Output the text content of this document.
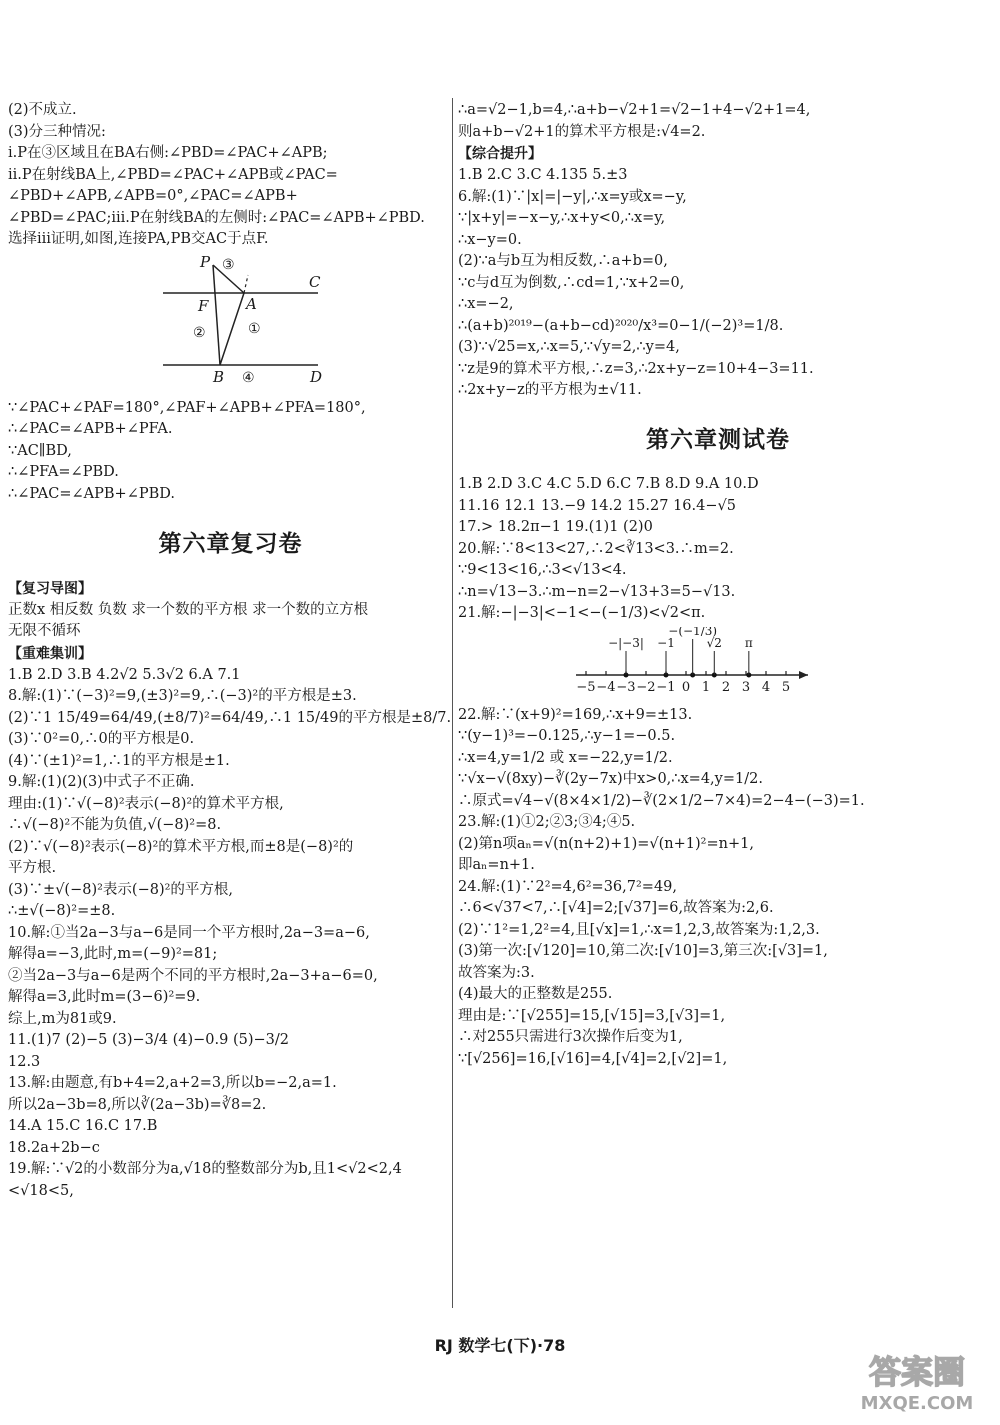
(2)不成立.
(3)分三种情况:
ⅰ.P在③区域且在BA右侧:∠PBD=∠PAC+∠APB;
ⅱ.P在射线BA上,∠PBD=∠PAC+∠APB或∠PAC=
∠PBD+∠APB,∠APB=0°,∠PAC=∠APB+
∠PBD=∠PAC;ⅲ.P在射线BA的左侧时:∠PAC=∠APB+∠PBD.
选择ⅲ证明,如图,连接PA,PB交AC于点F.
P ③
C
F	A
②	①
B ④	D
∵∠PAC+∠PAF=180°,∠PAF+∠APB+∠PFA=180°,
∴∠PAC=∠APB+∠PFA.
∵AC∥BD,
∴∠PFA=∠PBD.
∴∠PAC=∠APB+∠PBD.
第六章复习卷
【复习导图】
正数x 相反数 负数 求一个数的平方根 求一个数的立方根
无限不循环
【重难集训】
1.B 2.D 3.B 4.2√2 5.3√2 6.A 7.1
8.解:(1)∵(−3)²=9,(±3)²=9,∴(−3)²的平方根是±3.
(2)∵1 15/49=64/49,(±8/7)²=64/49,∴1 15/49的平方根是±8/7.
(3)∵0²=0,∴0的平方根是0.
(4)∵(±1)²=1,∴1的平方根是±1.
9.解:(1)(2)(3)中式子不正确.
理由:(1)∵√(−8)²表示(−8)²的算术平方根,
∴√(−8)²不能为负值,√(−8)²=8.
(2)∵√(−8)²表示(−8)²的算术平方根,而±8是(−8)²的
平方根.
(3)∵±√(−8)²表示(−8)²的平方根,
∴±√(−8)²=±8.
10.解:①当2a−3与a−6是同一个平方根时,2a−3=a−6,
解得a=−3,此时,m=(−9)²=81;
②当2a−3与a−6是两个不同的平方根时,2a−3+a−6=0,
解得a=3,此时m=(3−6)²=9.
综上,m为81或9.
11.(1)7 (2)−5 (3)−3/4 (4)−0.9 (5)−3/2
12.3
13.解:由题意,有b+4=2,a+2=3,所以b=−2,a=1.
所以2a−3b=8,所以∛(2a−3b)=∛8=2.
14.A 15.C 16.C 17.B
18.2a+2b−c
19.解:∵√2的小数部分为a,√18的整数部分为b,且1<√2<2,4
<√18<5,
∴a=√2−1,b=4,∴a+b−√2+1=√2−1+4−√2+1=4,
则a+b−√2+1的算术平方根是:√4=2.
【综合提升】
1.B 2.C 3.C 4.135 5.±3
6.解:(1)∵|x|=|−y|,∴x=y或x=−y,
∵|x+y|=−x−y,∴x+y<0,∴x=y,
∴x−y=0.
(2)∵a与b互为相反数,∴a+b=0,
∵c与d互为倒数,∴cd=1,∵x+2=0,
∴x=−2,
∴(a+b)²⁰¹⁹−(a+b−cd)²⁰²⁰/x³=0−1/(−2)³=1/8.
(3)∵√25=x,∴x=5,∵√y=2,∴y=4,
∵z是9的算术平方根,∴z=3,∴2x+y−z=10+4−3=11.
∴2x+y−z的平方根为±√11.
第六章测试卷
1.B 2.D 3.C 4.C 5.D 6.C 7.B 8.D 9.A 10.D
11.16 12.1 13.−9 14.2 15.27 16.4−√5
17.> 18.2π−1 19.(1)1 (2)0
20.解:∵8<13<27,∴2<∛13<3.∴m=2.
∵9<13<16,∴3<√13<4.
∴n=√13−3.∴m−n=2−√13+3=5−√13.
21.解:−|−3|<−1<−(−1/3)<√2<π.
−5 −4 −3 −2 −1 0 1 2 3 4 5
−|−3| −1
−(−1/3)
√2 π
22.解:∵(x+9)²=169,∴x+9=±13.
∵(y−1)³=−0.125,∴y−1=−0.5.
∴x=4,y=1/2 或 x=−22,y=1/2.
∵√x−√(8xy)−∛(2y−7x)中x>0,∴x=4,y=1/2.
∴原式=√4−√(8×4×1/2)−∛(2×1/2−7×4)=2−4−(−3)=1.
23.解:(1)①2;②3;③4;④5.
(2)第n项aₙ=√(n(n+2)+1)=√(n+1)²=n+1,
即aₙ=n+1.
24.解:(1)∵2²=4,6²=36,7²=49,
∴6<√37<7,∴[√4]=2;[√37]=6,故答案为:2,6.
(2)∵1²=1,2²=4,且[√x]=1,∴x=1,2,3,故答案为:1,2,3.
(3)第一次:[√120]=10,第二次:[√10]=3,第三次:[√3]=1,
故答案为:3.
(4)最大的正整数是255.
理由是:∵[√255]=15,[√15]=3,[√3]=1,
∴对255只需进行3次操作后变为1,
∵[√256]=16,[√16]=4,[√4]=2,[√2]=1,
RJ 数学七(下)·78
答案圈
MXQE.COM
